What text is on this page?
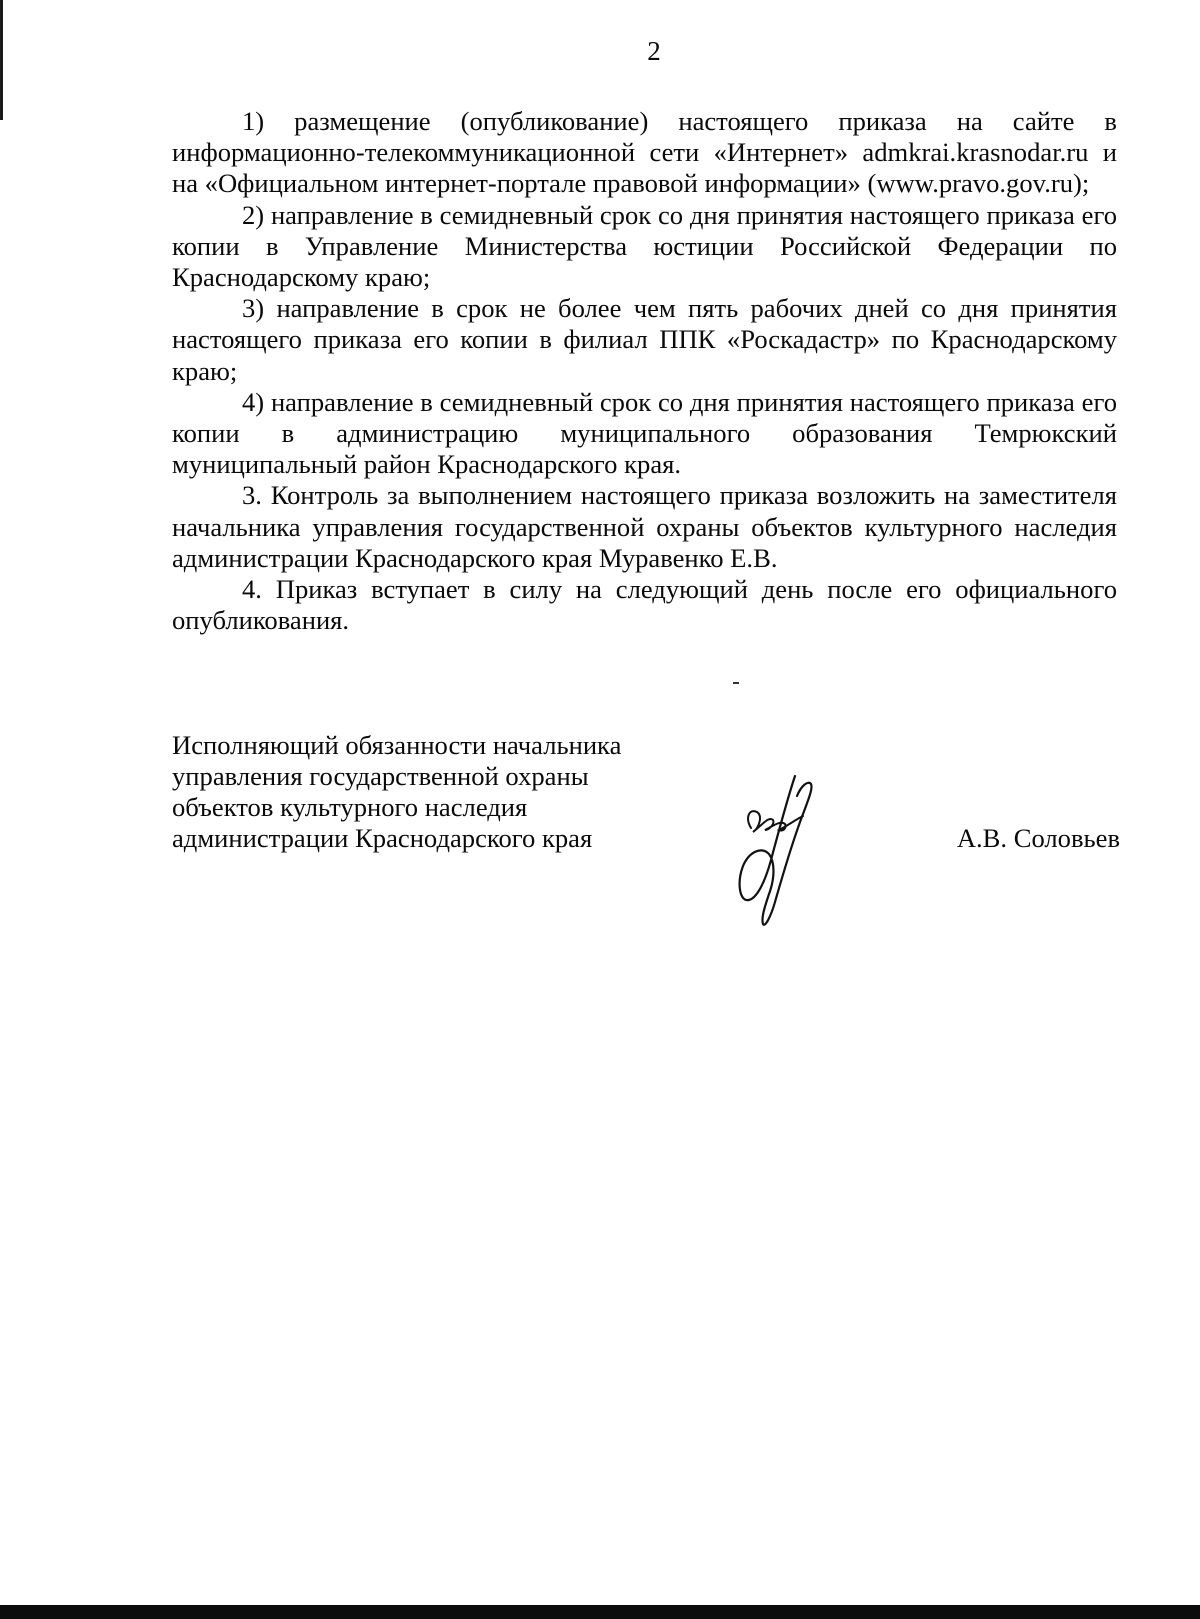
2

1) размещение (опубликование) настоящего приказа на сайте в информационно-телекоммуникационной сети «Интернет» admkrai.krasnodar.ru и на «Официальном интернет-портале правовой информации» (www.pravo.gov.ru);

2) направление в семидневный срок со дня принятия настоящего приказа его копии в Управление Министерства юстиции Российской Федерации по Краснодарскому краю;

3) направление в срок не более чем пять рабочих дней со дня принятия настоящего приказа его копии в филиал ППК «Роскадастр» по Краснодарскому краю;

4) направление в семидневный срок со дня принятия настоящего приказа его копии в администрацию муниципального образования Темрюкский муниципальный район Краснодарского края.

3. Контроль за выполнением настоящего приказа возложить на заместителя начальника управления государственной охраны объектов культурного наследия администрации Краснодарского края Муравенко Е.В.

4. Приказ вступает в силу на следующий день после его официального опубликования.

Исполняющий обязанности начальника
управления государственной охраны
объектов культурного наследия
администрации Краснодарского края	А.В. Соловьев
